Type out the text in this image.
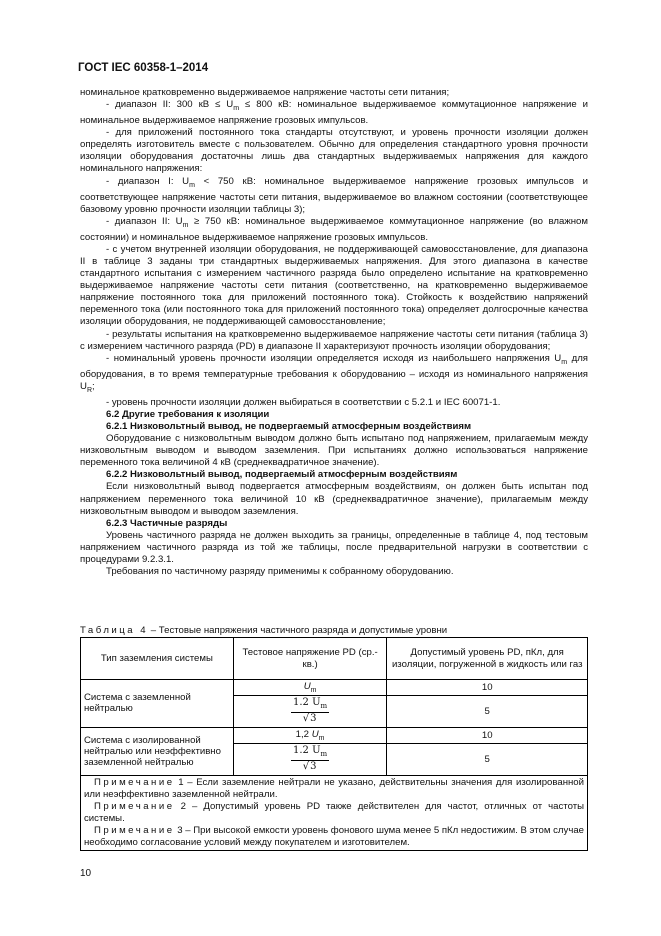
ГОСТ IEC 60358-1–2014

номинальное кратковременно выдерживаемое напряжение частоты сети питания;

- диапазон II: 300 кВ ≤ $U_m \le 800$ кВ: номинальное выдерживаемое коммутационное напряжение и номинальное выдерживаемое напряжение грозовых импульсов.

- для приложений постоянного тока стандарты отсутствуют, и уровень прочности изоляции должен определять изготовитель вместе с пользователем. Обычно для определения стандартного уровня прочности изоляции оборудования достаточны лишь два стандартных выдерживаемых напряжения для каждого номинального напряжения:

- диапазон I: $U_m < 750$ кВ: номинальное выдерживаемое напряжение грозовых импульсов и соответствующее напряжение частоты сети питания, выдерживаемое во влажном состоянии (соответствующее базовому уровню прочности изоляции таблицы 3);

- диапазон II: $U_m \ge 750$ кВ: номинальное выдерживаемое коммутационное напряжение (во влажном состоянии) и номинальное выдерживаемое напряжение грозовых импульсов.

- с учетом внутренней изоляции оборудования, не поддерживающей самовосстановление, для диапазона II в таблице 3 заданы три стандартных выдерживаемых напряжения. Для этого диапазона в качестве стандартного испытания с измерением частичного разряда было определено испытание на кратковременно выдерживаемое напряжение частоты сети питания (соответственно, на кратковременно выдерживаемое напряжение постоянного тока для приложений постоянного тока). Стойкость к воздействию напряжений переменного тока (или постоянного тока для приложений постоянного тока) определяет долгосрочные качества изоляции оборудования, не поддерживающей самовосстановление;

- результаты испытания на кратковременно выдерживаемое напряжение частоты сети питания (таблица 3) с измерением частичного разряда (PD) в диапазоне II характеризуют прочность изоляции оборудования;

- номинальный уровень прочности изоляции определяется исходя из наибольшего напряжения $U_m$ для оборудования, в то время температурные требования к оборудованию – исходя из номинального напряжения $U_R$;

- уровень прочности изоляции должен выбираться в соответствии с 5.2.1 и IEC 60071-1.

6.2 Другие требования к изоляции

6.2.1 Низковольтный вывод, не подвергаемый атмосферным воздействиям

Оборудование с низковольтным выводом должно быть испытано под напряжением, прилагаемым между низковольтным выводом и выводом заземления. При испытаниях должно использоваться напряжение переменного тока величиной 4 кВ (среднеквадратичное значение).

6.2.2 Низковольтный вывод, подвергаемый атмосферным воздействиям

Если низковольтный вывод подвергается атмосферным воздействиям, он должен быть испытан под напряжением переменного тока величиной 10 кВ (среднеквадратичное значение), прилагаемым между низковольтным выводом и выводом заземления.

6.2.3 Частичные разряды

Уровень частичного разряда не должен выходить за границы, определенные в таблице 4, под тестовым напряжением частичного разряда из той же таблицы, после предварительной нагрузки в соответствии с процедурами 9.2.3.1.

Требования по частичному разряду применимы к собранному оборудованию.

Таблица 4 – Тестовые напряжения частичного разряда и допустимые уровни
Тип заземления системы	Тестовое напряжение PD (ср.-кв.)	Допустимый уровень PD, пКл, для изоляции, погруженной в жидкость или газ
Система с заземленной нейтралью	$U_m$	10

	$\frac{1.2 U_m}{√3}$	5
Система с изолированной нейтралью или неэффективно заземленной нейтралью	1,2 $U_m$	10

	$\frac{1.2 U_m}{√3}$	5

Примечание 1 – Если заземление нейтрали не указано, действительны значения для изолированной или неэффективно заземленной нейтрали.
Примечание 2 – Допустимый уровень PD также действителен для частот, отличных от частоты системы.
Примечание 3 – При высокой емкости уровень фонового шума менее 5 пКл недостижим. В этом случае необходимо согласование условий между покупателем и изготовителем.		
10
